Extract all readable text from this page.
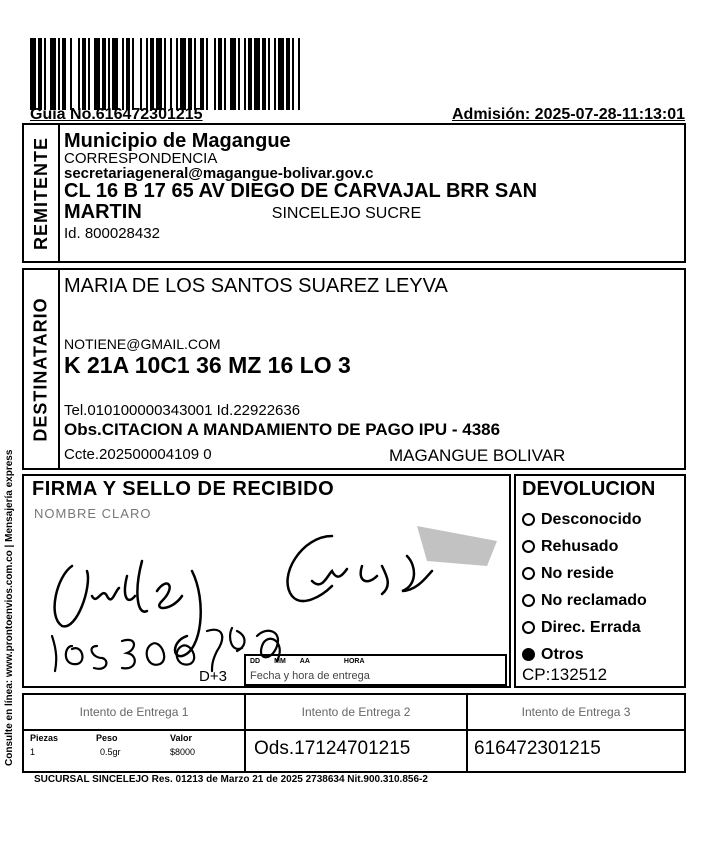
Guia No.616472301215	Admisión: 2025-07-28-11:13:01
REMITENTE Municipio de Magangue
CORRESPONDENCIA
secretariageneral@magangue-bolivar.gov.c
CL 16 B 17 65 AV DIEGO DE CARVAJAL BRR SAN
MARTIN	SINCELEJO SUCRE
Id. 800028432
DESTINATARIO
MARIA DE LOS SANTOS SUAREZ LEYVA
NOTIENE@GMAIL.COM
K 21A 10C1 36 MZ 16 LO 3
Tel.010100000343001 Id.22922636
Obs.CITACION A MANDAMIENTO DE PAGO IPU - 4386
Ccte.202500004109 0	MAGANGUE BOLIVAR
FIRMA Y SELLO DE RECIBIDO
NOMBRE CLARO
D+3
DD MM AA	HORA
Fecha y hora de entrega
DEVOLUCION
Desconocido
Rehusado
No reside
No reclamado
Direc. Errada
Otros
CP:132512
Intento de Entrega 1	Intento de Entrega 2	Intento de Entrega 3
Piezas
1
Peso
0.5gr
Valor
$8000	Ods.17124701215	616472301215
SUCURSAL SINCELEJO Res. 01213 de Marzo 21 de 2025 2738634 Nit.900.310.856-2
Consulte en línea: www.prontoenvios.com.co | Mensajería express
